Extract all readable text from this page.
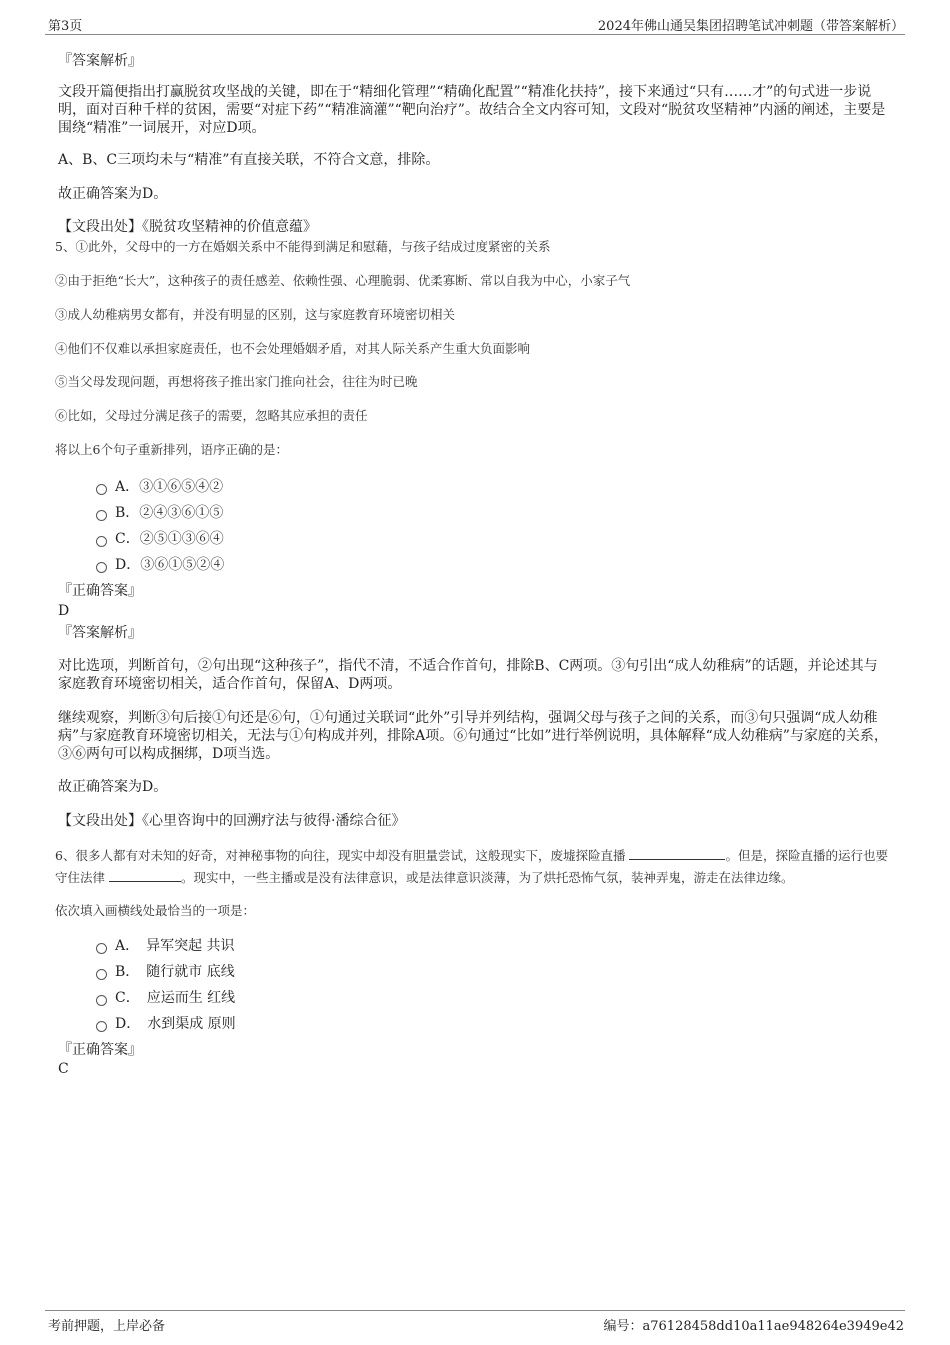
第3页	2024年佛山通吴集团招聘笔试冲刺题（带答案解析）
『答案解析』

文段开篇便指出打赢脱贫攻坚战的关键，即在于“精细化管理”“精确化配置”“精准化扶持”，接下来通过“只有……才”的句式进一步说明，面对百种千样的贫困，需要“对症下药”“精准滴灌”“靶向治疗”。故结合全文内容可知，文段对“脱贫攻坚精神”内涵的阐述，主要是围绕“精准”一词展开，对应D项。

A、B、C三项均未与“精准”有直接关联，不符合文意，排除。

故正确答案为D。

【文段出处】《脱贫攻坚精神的价值意蕴》

5、①此外，父母中的一方在婚姻关系中不能得到满足和慰藉，与孩子结成过度紧密的关系

②由于拒绝“长大”，这种孩子的责任感差、依赖性强、心理脆弱、优柔寡断、常以自我为中心，小家子气

③成人幼稚病男女都有，并没有明显的区别，这与家庭教育环境密切相关

④他们不仅难以承担家庭责任，也不会处理婚姻矛盾，对其人际关系产生重大负面影响

⑤当父母发现问题，再想将孩子推出家门推向社会，往往为时已晚

⑥比如，父母过分满足孩子的需要，忽略其应承担的责任

将以上6个句子重新排列，语序正确的是：

A．③①⑥⑤④②
B．②④③⑥①⑤
C．②⑤①③⑥④
D．③⑥①⑤②④
『正确答案』
D
『答案解析』

对比选项，判断首句，②句出现“这种孩子”，指代不清，不适合作首句，排除B、C两项。③句引出“成人幼稚病”的话题，并论述其与家庭教育环境密切相关，适合作首句，保留A、D两项。

继续观察，判断③句后接①句还是⑥句，①句通过关联词“此外”引导并列结构，强调父母与孩子之间的关系，而③句只强调“成人幼稚病”与家庭教育环境密切相关，无法与①句构成并列，排除A项。⑥句通过“比如”进行举例说明，具体解释“成人幼稚病”与家庭的关系，③⑥两句可以构成捆绑，D项当选。

故正确答案为D。

【文段出处】《心里咨询中的回溯疗法与彼得·潘综合征》

6、很多人都有对未知的好奇，对神秘事物的向往，现实中却没有胆量尝试，这般现实下，废墟探险直播	。但是，探险直播的运行也要守住法律	。现实中，一些主播或是没有法律意识，或是法律意识淡薄，为了烘托恐怖气氛，装神弄鬼，游走在法律边缘。

依次填入画横线处最恰当的一项是：

A．　异军突起 共识
B．　随行就市 底线
C．　应运而生 红线
D．　水到渠成 原则
『正确答案』
C
考前押题，上岸必备	编号：a76128458dd10a11ae948264e3949e42
